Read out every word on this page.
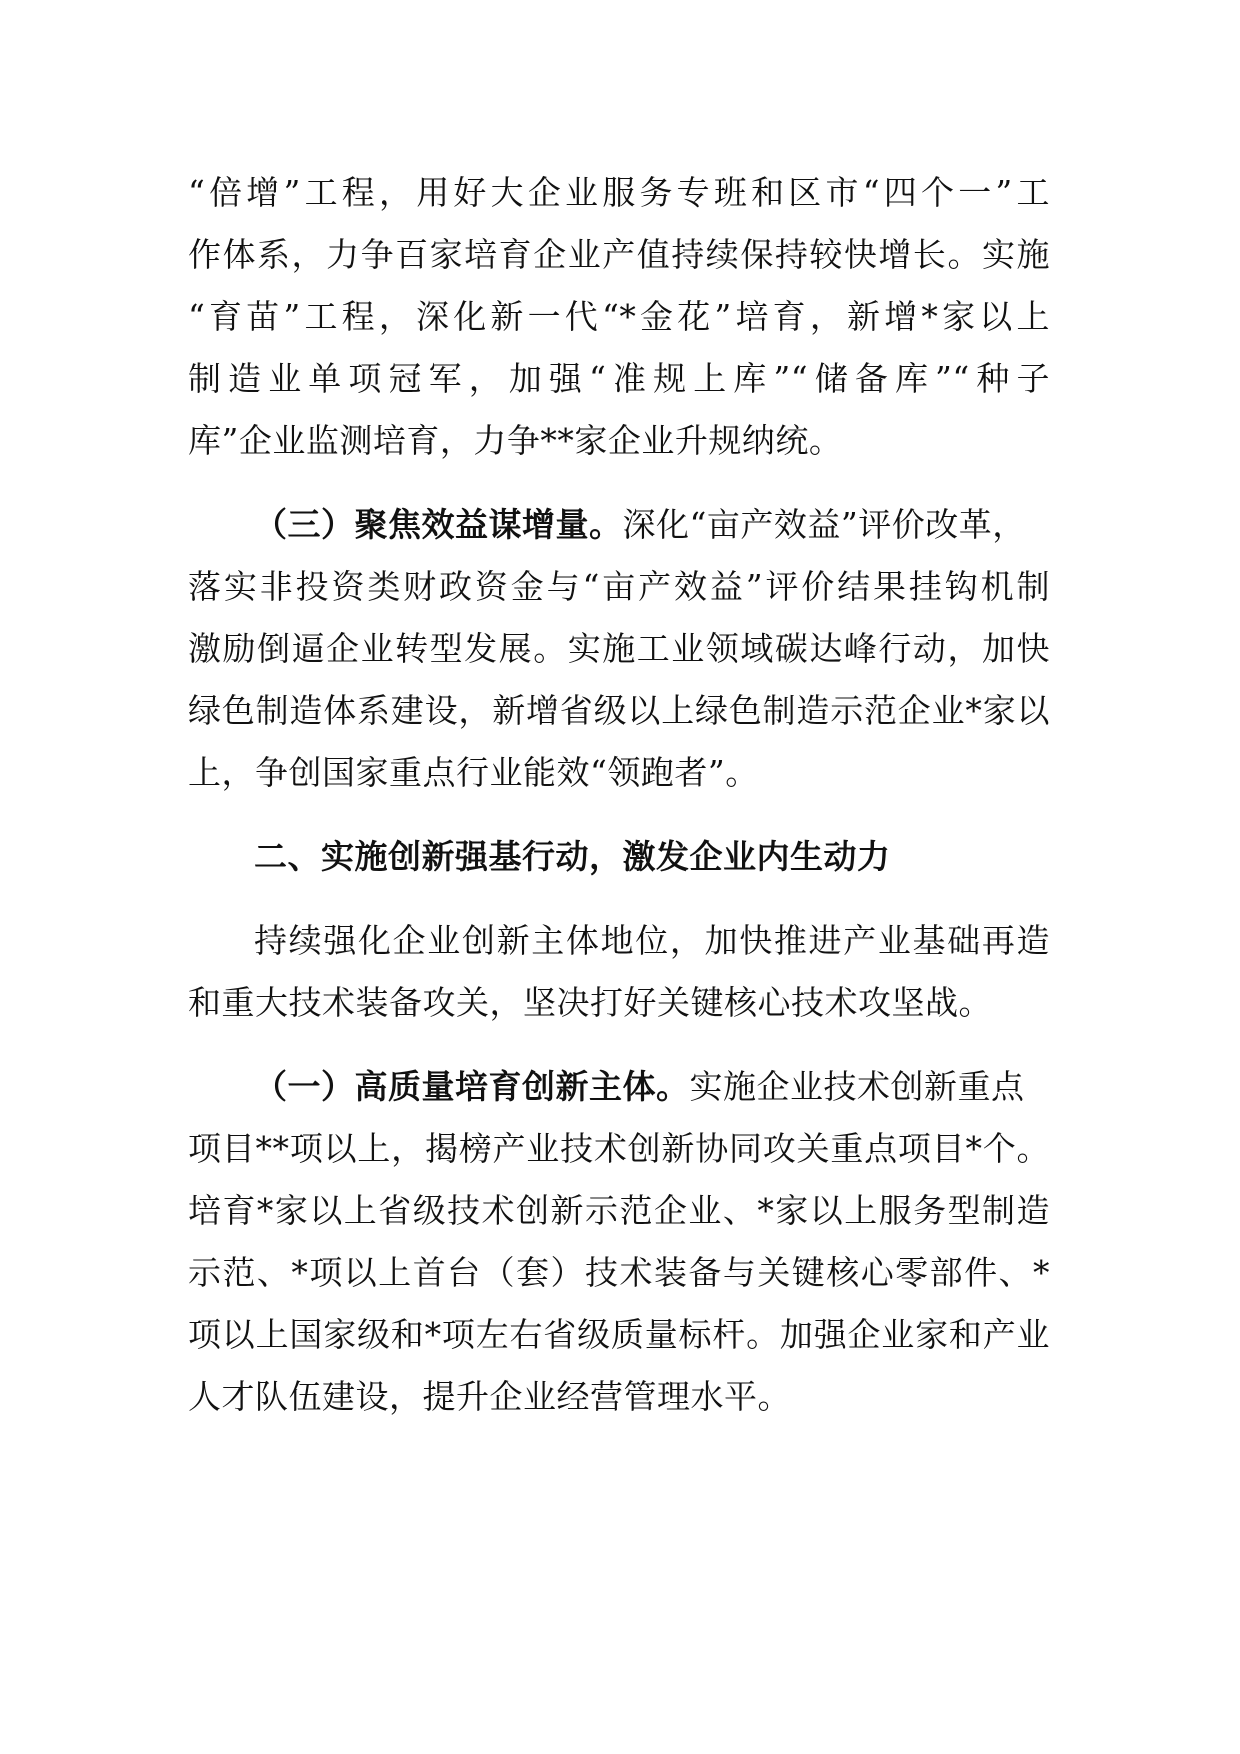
“倍增”工程，用好大企业服务专班和区市“四个一”工
作体系，力争百家培育企业产值持续保持较快增长。实施
“育苗”工程，深化新一代“*金花”培育，新增*家以上
制造业单项冠军，加强“准规上库”“储备库”“种子
库”企业监测培育，力争**家企业升规纳统。
（三）聚焦效益谋增量。深化“亩产效益”评价改革，
落实非投资类财政资金与“亩产效益”评价结果挂钩机制
激励倒逼企业转型发展。实施工业领域碳达峰行动，加快
绿色制造体系建设，新增省级以上绿色制造示范企业*家以
上，争创国家重点行业能效“领跑者”。
二、实施创新强基行动，激发企业内生动力
持续强化企业创新主体地位，加快推进产业基础再造
和重大技术装备攻关，坚决打好关键核心技术攻坚战。
（一）高质量培育创新主体。实施企业技术创新重点
项目**项以上，揭榜产业技术创新协同攻关重点项目*个。
培育*家以上省级技术创新示范企业、*家以上服务型制造
示范、*项以上首台（套）技术装备与关键核心零部件、*
项以上国家级和*项左右省级质量标杆。加强企业家和产业
人才队伍建设，提升企业经营管理水平。
